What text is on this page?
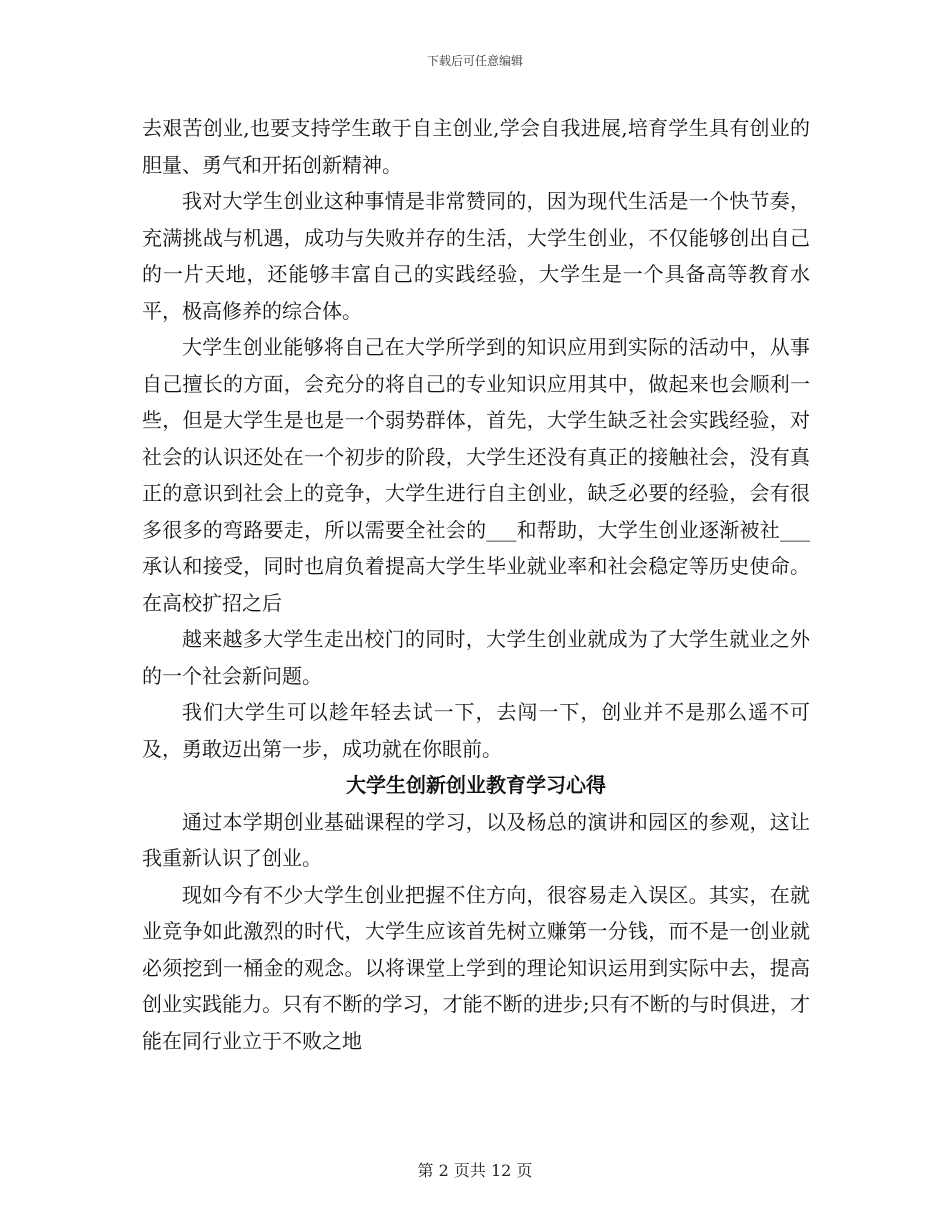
下载后可任意编辑

去艰苦创业,也要支持学生敢于自主创业,学会自我进展,培育学生具有创业的胆量、勇气和开拓创新精神。

我对大学生创业这种事情是非常赞同的，因为现代生活是一个快节奏，充满挑战与机遇，成功与失败并存的生活，大学生创业，不仅能够创出自己的一片天地，还能够丰富自己的实践经验，大学生是一个具备高等教育水平，极高修养的综合体。

大学生创业能够将自己在大学所学到的知识应用到实际的活动中，从事自己擅长的方面，会充分的将自己的专业知识应用其中，做起来也会顺利一些，但是大学生是也是一个弱势群体，首先，大学生缺乏社会实践经验，对社会的认识还处在一个初步的阶段，大学生还没有真正的接触社会，没有真正的意识到社会上的竞争，大学生进行自主创业，缺乏必要的经验，会有很多很多的弯路要走，所以需要全社会的___和帮助，大学生创业逐渐被社___承认和接受，同时也肩负着提高大学生毕业就业率和社会稳定等历史使命。在高校扩招之后

越来越多大学生走出校门的同时，大学生创业就成为了大学生就业之外的一个社会新问题。

我们大学生可以趁年轻去试一下，去闯一下，创业并不是那么遥不可及，勇敢迈出第一步，成功就在你眼前。

大学生创新创业教育学习心得

通过本学期创业基础课程的学习，以及杨总的演讲和园区的参观，这让我重新认识了创业。

现如今有不少大学生创业把握不住方向，很容易走入误区。其实，在就业竞争如此激烈的时代，大学生应该首先树立赚第一分钱，而不是一创业就必须挖到一桶金的观念。以将课堂上学到的理论知识运用到实际中去，提高创业实践能力。只有不断的学习，才能不断的进步;只有不断的与时俱进，才能在同行业立于不败之地

第 2 页共 12 页
